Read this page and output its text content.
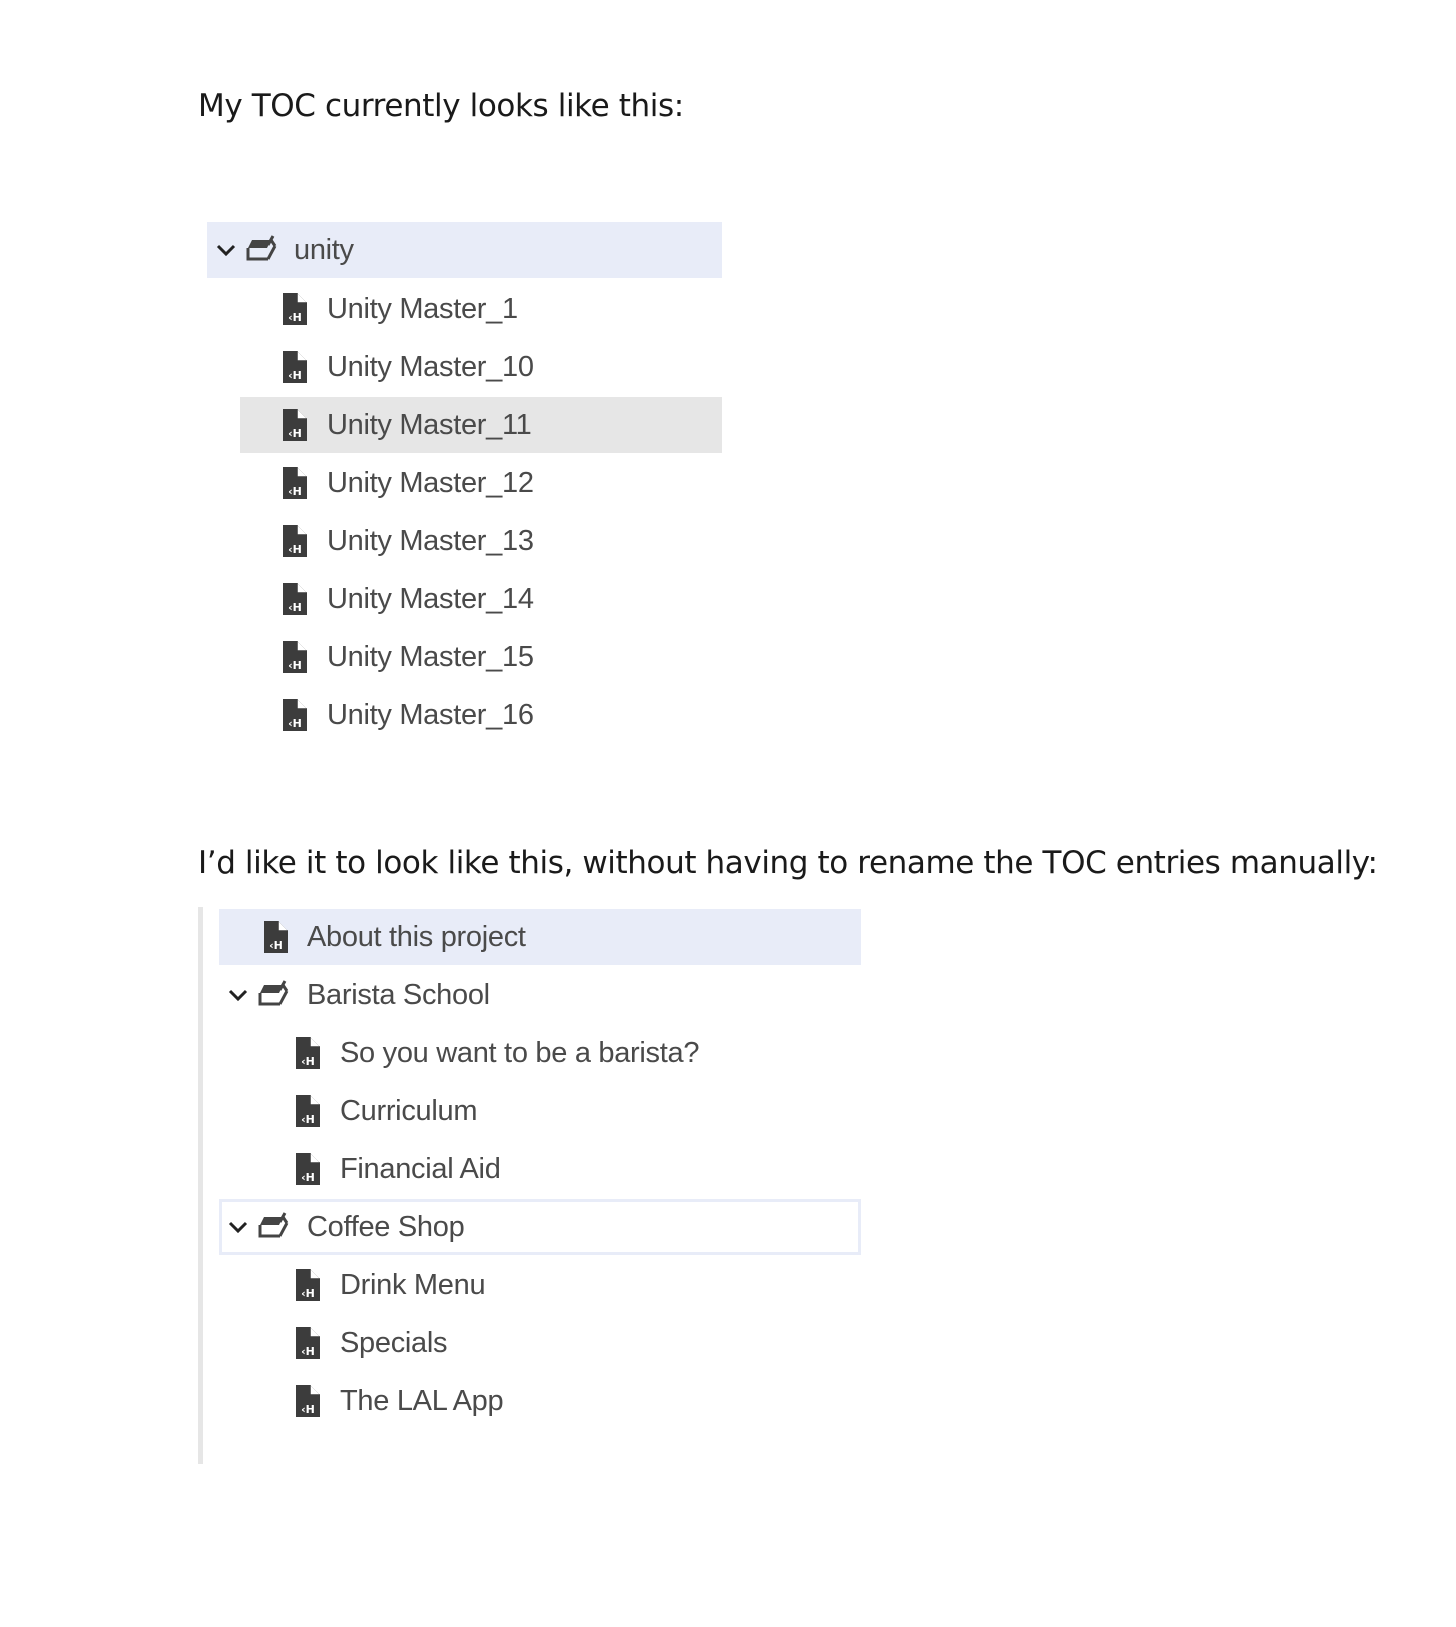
My TOC currently looks like this:

unity
‹H Unity Master_1
‹H Unity Master_10
‹H Unity Master_11
‹H Unity Master_12
‹H Unity Master_13
‹H Unity Master_14
‹H Unity Master_15
‹H Unity Master_16

I’d like it to look like this, without having to rename the TOC entries manually:

‹H About this project
Barista School
‹H So you want to be a barista?
‹H Curriculum
‹H Financial Aid
Coffee Shop
‹H Drink Menu
‹H Specials
‹H The LAL App
